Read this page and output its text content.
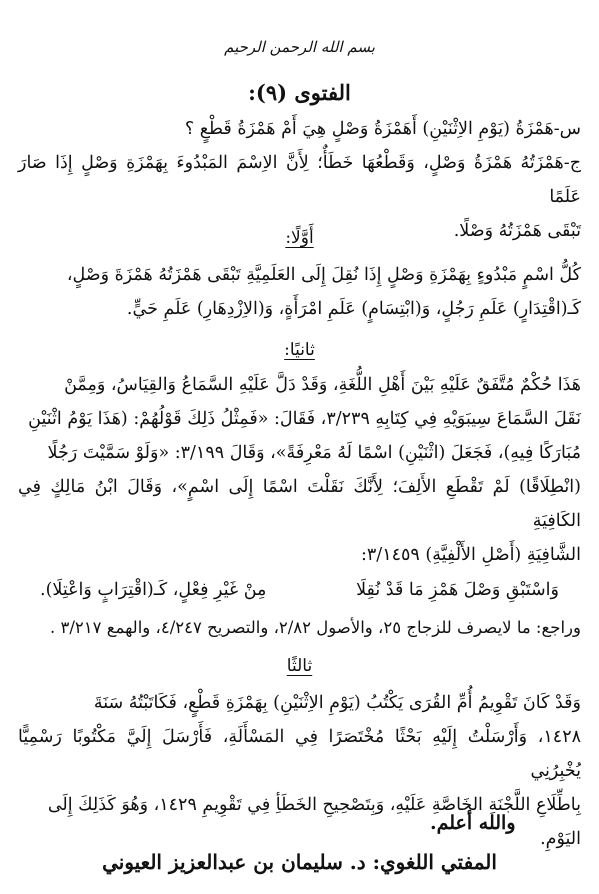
بسم الله الرحمن الرحيم
الفتوى (٩):
س-هَمْزَةُ (يَوْمِ الاِثْنَيْنِ) أَهَمْزَةُ وَصْلٍ هِيَ أَمْ هَمْزَةُ قَطْعٍ ؟
ج-هَمْزَتُهُ هَمْزَةُ وَصْلٍ، وَقَطْعُهَا خَطَأٌ؛ لِأَنَّ الاِسْمَ المَبْدُوءَ بِهَمْزَةِ وَصْلٍ إِذَا صَارَ عَلَمًا
تَبْقَى هَمْزَتُهُ وَصْلًا.
أَوَّلًا:
كُلُّ اسْمٍ مَبْدُوءٍ بِهَمْزَةِ وَصْلٍ إِذَا نُقِلَ إِلَى العَلَمِيَّةِ تَبْقَى هَمْزَتُهُ هَمْزَةَ وَصْلٍ،
كَـ(اقْتِدَارٍ) عَلَمِ رَجُلٍ، وَ(ابْتِسَامٍ) عَلَمِ امْرَأَةٍ، وَ(الاِزْدِهَارِ) عَلَمِ حَيٍّ.
ثانيًا:
هَذَا حُكْمٌ مُتَّفَقٌ عَلَيْهِ بَيْنَ أَهْلِ اللُّغَةِ، وَقَدْ دَلَّ عَلَيْهِ السَّمَاعُ وَالقِيَاسُ، وَمِمَّنْ
نَقَلَ السَّمَاعَ سِيبَوَيْهِ فِي كِتَابِهِ ٣/٢٣٩، فَقَالَ: «فَمِثْلُ ذَلِكَ قَوْلُهُمْ: (هَذَا يَوْمُ اثْنَيْنِ
مُبَارَكًا فِيهِ)، فَجَعَلَ (اثْنَيْنِ) اسْمًا لَهُ مَعْرِفَةً»، وَقَالَ ٣/١٩٩: «وَلَوْ سَمَّيْتَ رَجُلًا
(انْطِلَاقًا) لَمْ تَقْطَعِ الأَلِفَ؛ لِأَنَّكَ نَقَلْتَ اسْمًا إِلَى اسْمٍ»، وَقَالَ ابْنُ مَالِكٍ فِي الكَافِيَةِ
الشَّافِيَةِ (أَصْلِ الأَلْفِيَّةِ) ٣/١٤٥٩:
وَاسْتَبْقِ وَصْلَ هَمْزِ مَا قَدْ نُقِلَا
مِنْ غَيْرِ فِعْلٍ، كَـ(اقْتِرَابٍ وَاعْتِلَا).
وراجع: ما لايصرف للزجاج ٢٥، والأصول ٢/٨٢، والتصريح ٤/٢٤٧، والهمع ٣/٢١٧ .
ثالثًا
وَقَدْ كَانَ تَقْوِيمُ أُمِّ القُرَى يَكْتُبُ (يَوْمِ الاِثْنَيْنِ) بِهَمْزَةِ قَطْعٍ، فَكَاتَبْتُهُ سَنَةَ
١٤٢٨، وَأَرْسَلْتُ إِلَيْهِ بَحْثًا مُخْتَصَرًا فِي المَسْأَلَةِ، فَأَرْسَلَ إِلَيَّ مَكْتُوبًا رَسْمِيًّا يُخْبِرُنِي
بِاطِّلَاعِ اللَّجْنَةِ الخَاصَّةِ عَلَيْهِ، وَبِتَصْحِيحِ الخَطَأِ فِي تَقْوِيمِ ١٤٢٩، وَهُوَ كَذَلِكَ إِلَى
اليَوْمِ.
والله أعلم.
المفتي اللغوي: د. سليمان بن عبدالعزيز العيوني
